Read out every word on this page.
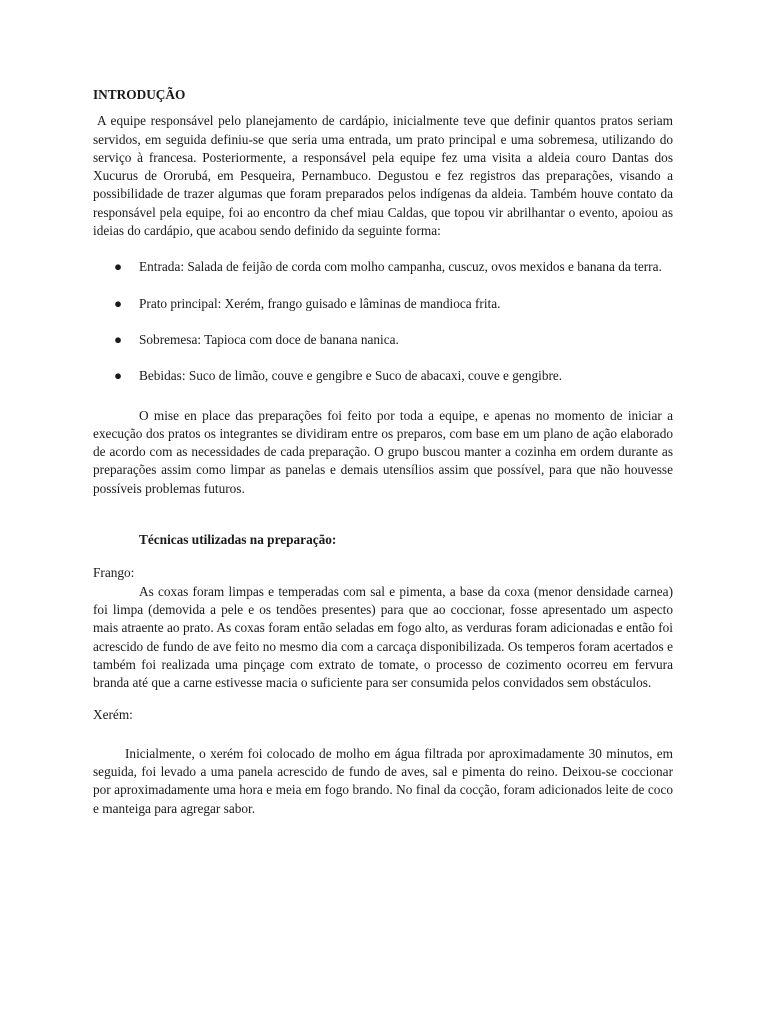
INTRODUÇÃO

A equipe responsável pelo planejamento de cardápio, inicialmente teve que definir quantos pratos seriam servidos, em seguida definiu-se que seria uma entrada, um prato principal e uma sobremesa, utilizando do serviço à francesa. Posteriormente, a responsável pela equipe fez uma visita a aldeia couro Dantas dos Xucurus de Ororubá, em Pesqueira, Pernambuco. Degustou e fez registros das preparações, visando a possibilidade de trazer algumas que foram preparados pelos indígenas da aldeia. Também houve contato da responsável pela equipe, foi ao encontro da chef miau Caldas, que topou vir abrilhantar o evento, apoiou as ideias do cardápio, que acabou sendo definido da seguinte forma:

● Entrada: Salada de feijão de corda com molho campanha, cuscuz, ovos mexidos e banana da terra.
● Prato principal: Xerém, frango guisado e lâminas de mandioca frita.
● Sobremesa: Tapioca com doce de banana nanica.
● Bebidas: Suco de limão, couve e gengibre e Suco de abacaxi, couve e gengibre.

O mise en place das preparações foi feito por toda a equipe, e apenas no momento de iniciar a execução dos pratos os integrantes se dividiram entre os preparos, com base em um plano de ação elaborado de acordo com as necessidades de cada preparação. O grupo buscou manter a cozinha em ordem durante as preparações assim como limpar as panelas e demais utensílios assim que possível, para que não houvesse possíveis problemas futuros.

Técnicas utilizadas na preparação:
Frango:

As coxas foram limpas e temperadas com sal e pimenta, a base da coxa (menor densidade carnea) foi limpa (demovida a pele e os tendões presentes) para que ao coccionar, fosse apresentado um aspecto mais atraente ao prato. As coxas foram então seladas em fogo alto, as verduras foram adicionadas e então foi acrescido de fundo de ave feito no mesmo dia com a carcaça disponibilizada. Os temperos foram acertados e também foi realizada uma pinçage com extrato de tomate, o processo de cozimento ocorreu em fervura branda até que a carne estivesse macia o suficiente para ser consumida pelos convidados sem obstáculos.

Xerém:

Inicialmente, o xerém foi colocado de molho em água filtrada por aproximadamente 30 minutos, em seguida, foi levado a uma panela acrescido de fundo de aves, sal e pimenta do reino. Deixou-se coccionar por aproximadamente uma hora e meia em fogo brando. No final da cocção, foram adicionados leite de coco e manteiga para agregar sabor.
